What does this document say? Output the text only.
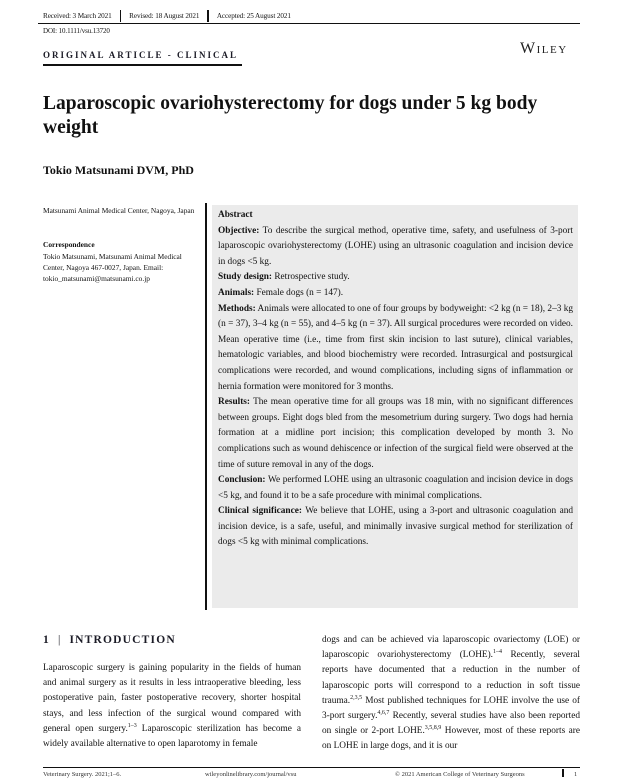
Received: 3 March 2021 Revised: 18 August 2021 Accepted: 25 August 2021
DOI: 10.1111/vsu.13720
ORIGINAL ARTICLE - CLINICAL	Wiley
Laparoscopic ovariohysterectomy for dogs under 5 kg body weight
Tokio Matsunami DVM, PhD
Matsunami Animal Medical Center, Nagoya, Japan
Correspondence
Tokio Matsunami, Matsunami Animal Medical Center, Nagoya 467-0027, Japan. Email: tokio_matsunami@matsunami.co.jp

Abstract

Objective: To describe the surgical method, operative time, safety, and usefulness of 3-port laparoscopic ovariohysterectomy (LOHE) using an ultrasonic coagulation and incision device in dogs <5 kg.

Study design: Retrospective study.

Animals: Female dogs (n = 147).

Methods: Animals were allocated to one of four groups by bodyweight: <2 kg (n = 18), 2–3 kg (n = 37), 3–4 kg (n = 55), and 4–5 kg (n = 37). All surgical procedures were recorded on video. Mean operative time (i.e., time from first skin incision to last suture), clinical variables, hematologic variables, and blood biochemistry were recorded. Intrasurgical and postsurgical complications were recorded, and wound complications, including signs of inflammation or hernia formation were monitored for 3 months.

Results: The mean operative time for all groups was 18 min, with no significant differences between groups. Eight dogs bled from the mesometrium during surgery. Two dogs had hernia formation at a midline port incision; this complication developed by month 3. No complications such as wound dehiscence or infection of the surgical field were observed at the time of suture removal in any of the dogs.

Conclusion: We performed LOHE using an ultrasonic coagulation and incision device in dogs <5 kg, and found it to be a safe procedure with minimal complications.

Clinical significance: We believe that LOHE, using a 3-port and ultrasonic coagulation and incision device, is a safe, useful, and minimally invasive surgical method for sterilization of dogs <5 kg with minimal complications.

1 | INTRODUCTION
Laparoscopic surgery is gaining popularity in the fields of human and animal surgery as it results in less intraoperative bleeding, less postoperative pain, faster postoperative recovery, shorter hospital stays, and less infection of the surgical wound compared with general open surgery.$^{1-3}$ Laparoscopic sterilization has become a widely available alternative to open laparotomy in female
dogs and can be achieved via laparoscopic ovariectomy (LOE) or laparoscopic ovariohysterectomy (LOHE).$^{1-4}$ Recently, several reports have documented that a reduction in the number of laparoscopic ports will correspond to a reduction in soft tissue trauma.$^{2,3,5}$ Most published techniques for LOHE involve the use of 3-port surgery.$^{4,6,7}$ Recently, several studies have also been reported on single or 2-port LOHE.$^{3,5,8,9}$ However, most of these reports are on LOHE in large dogs, and it is our
Veterinary Surgery. 2021;1–6.	wileyonlinelibrary.com/journal/vsu	© 2021 American College of Veterinary Surgeons	1
